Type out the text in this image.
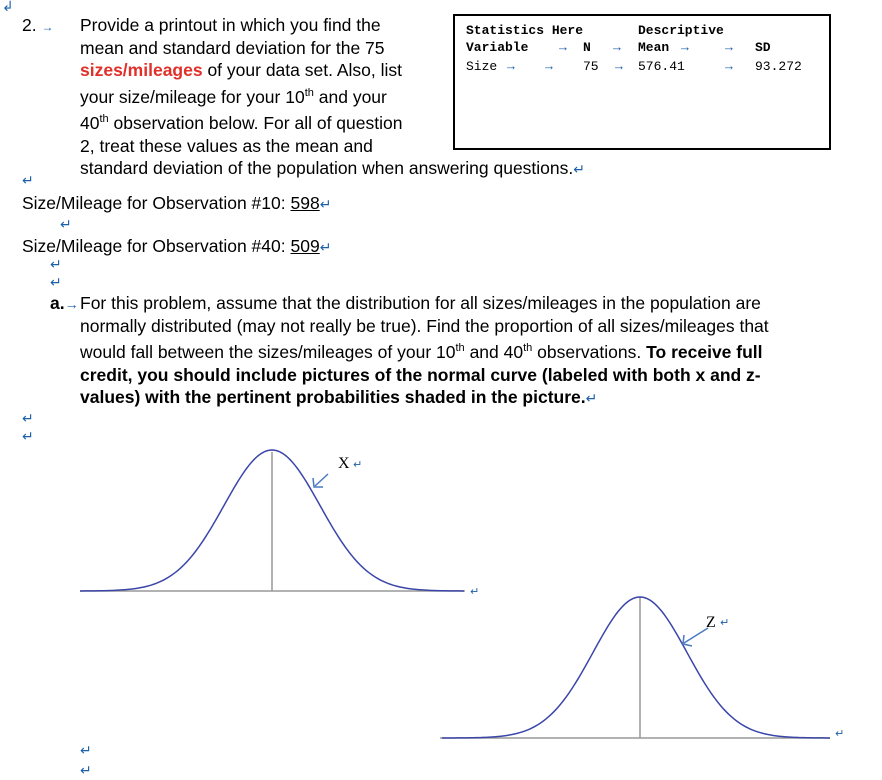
↲
2. → Provide a printout in which you find the
mean and standard deviation for the 75
sizes/mileages of your data set. Also, list
your size/mileage for your 10th and your
40th observation below. For all of question
2, treat these values as the mean and
standard deviation of the population when answering questions.↵
Statistics Here	Descriptive
Variable → N → Mean →	→ SD
Size → → 75 → 576.41	→ 93.272
↵
Size/Mileage for Observation #10: 598↵
↵
Size/Mileage for Observation #40: 509↵
↵
↵
a.→ For this problem, assume that the distribution for all sizes/mileages in the population are
normally distributed (may not really be true). Find the proportion of all sizes/mileages that
would fall between the sizes/mileages of your 10th and 40th observations. To receive full
credit, you should include pictures of the normal curve (labeled with both x and z-
values) with the pertinent probabilities shaded in the picture.↵
↵
↵
X ↵
↵
Z ↵
↵
↵
↵
